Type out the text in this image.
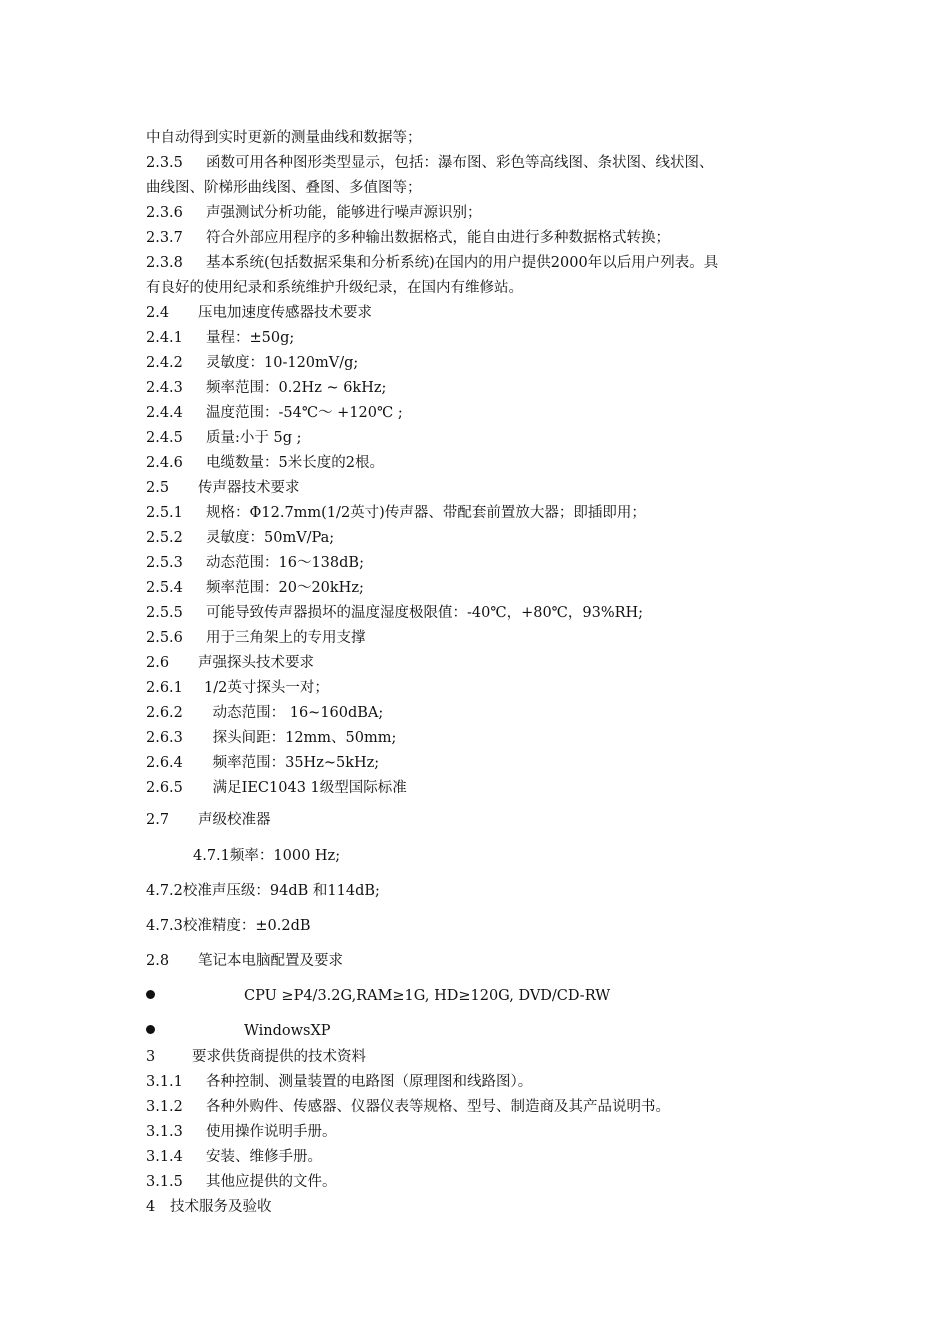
中自动得到实时更新的测量曲线和数据等；
2.3.5 函数可用各种图形类型显示，包括：瀑布图、彩色等高线图、条状图、线状图、
曲线图、阶梯形曲线图、叠图、多值图等；
2.3.6 声强测试分析功能，能够进行噪声源识别；
2.3.7 符合外部应用程序的多种输出数据格式，能自由进行多种数据格式转换；
2.3.8 基本系统(包括数据采集和分析系统)在国内的用户提供2000年以后用户列表。具
有良好的使用纪录和系统维护升级纪录，在国内有维修站。
2.4 压电加速度传感器技术要求
2.4.1 量程：±50g;
2.4.2 灵敏度：10-120mV/g;
2.4.3 频率范围：0.2Hz ~ 6kHz;
2.4.4 温度范围：-54℃～ +120℃ ;
2.4.5 质量:小于 5g ;
2.4.6 电缆数量：5米长度的2根。
2.5 传声器技术要求
2.5.1 规格：Φ12.7mm(1/2英寸)传声器、带配套前置放大器；即插即用；
2.5.2 灵敏度：50mV/Pa;
2.5.3 动态范围：16～138dB;
2.5.4 频率范围：20～20kHz;
2.5.5 可能导致传声器损坏的温度湿度极限值：-40℃，+80℃，93%RH;
2.5.6 用于三角架上的专用支撑
2.6 声强探头技术要求
2.6.1 1/2英寸探头一对；
2.6.2 动态范围： 16~160dBA;
2.6.3 探头间距：12mm、50mm;
2.6.4 频率范围：35Hz~5kHz;
2.6.5 满足IEC1043 1级型国际标准
2.7 声级校准器
4.7.1频率：1000 Hz;
4.7.2校准声压级：94dB 和114dB;
4.7.3校准精度：±0.2dB
2.8 笔记本电脑配置及要求
CPU ≥P4/3.2G,RAM≥1G, HD≥120G, DVD/CD-RW
WindowsXP
3	要求供货商提供的技术资料
3.1.1 各种控制、测量装置的电路图（原理图和线路图）。
3.1.2 各种外购件、传感器、仪器仪表等规格、型号、制造商及其产品说明书。
3.1.3 使用操作说明手册。
3.1.4 安装、维修手册。
3.1.5 其他应提供的文件。
4 技术服务及验收
